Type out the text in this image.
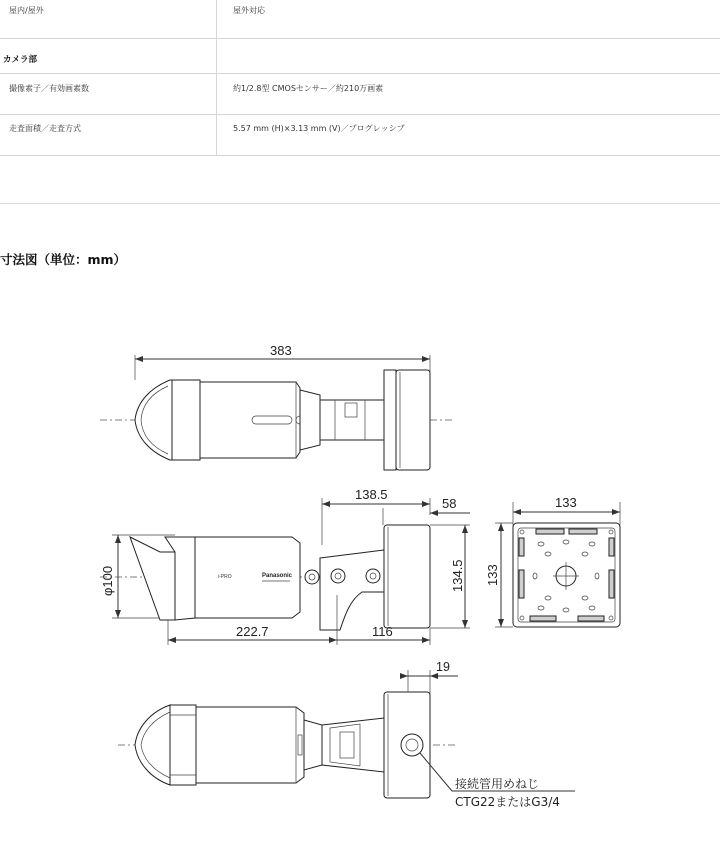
屋内/屋外	屋外対応
カメラ部
撮像素子／有効画素数	約1/2.8型 CMOSセンサー／約210万画素
走査面積／走査方式	5.57 mm (H)×3.13 mm (V)／プログレッシブ
寸法図（単位：mm）
383
138.5
58
134.5
φ100	i-PRO	Panasonic
222.7	116
133
133
19
接続管用めねじ
CTG22またはG3/4
